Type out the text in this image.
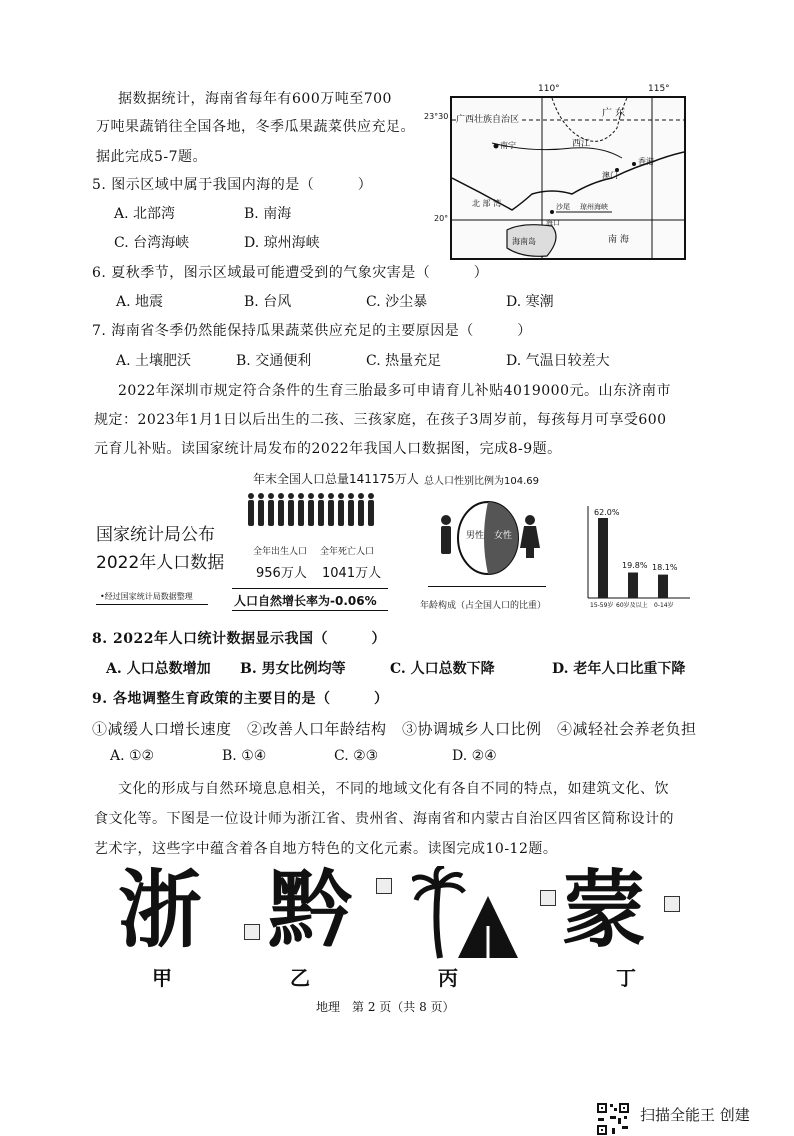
据数据统计，海南省每年有600万吨至700
万吨果蔬销往全国各地，冬季瓜果蔬菜供应充足。
据此完成5-7题。
110°	115°
23°30
20°
广西壮族自治区
广 东
南宁	西江
香港
澳门
北 部 湾	沙尾 琼州海峡
海口
海南岛	南 海
5. 图示区域中属于我国内海的是（　　　）
A. 北部湾	B. 南海
C. 台湾海峡	D. 琼州海峡
6. 夏秋季节，图示区域最可能遭受到的气象灾害是（　　　）
A. 地震	B. 台风	C. 沙尘暴	D. 寒潮
7. 海南省冬季仍然能保持瓜果蔬菜供应充足的主要原因是（　　　）
A. 土壤肥沃	B. 交通便利	C. 热量充足	D. 气温日较差大
2022年深圳市规定符合条件的生育三胎最多可申请育儿补贴4019000元。山东济南市
规定：2023年1月1日以后出生的二孩、三孩家庭，在孩子3周岁前，每孩每月可享受600
元育儿补贴。读国家统计局发布的2022年我国人口数据图，完成8-9题。
国家统计局公布
2022年人口数据
•经过国家统计局数据整理
年末全国人口总量141175万人
全年出生人口
956万人
全年死亡人口
1041万人
人口自然增长率为-0.06%
总人口性别比例为104.69
男性 女性
年龄构成（占全国人口的比重）
62.0%
19.8% 18.1%
15-59岁 60岁及以上 0-14岁
8. 2022年人口统计数据显示我国（　　　）
A. 人口总数增加 B. 男女比例均等	C. 人口总数下降	D. 老年人口比重下降
9. 各地调整生育政策的主要目的是（　　　）
①减缓人口增长速度　②改善人口年龄结构　③协调城乡人口比例　④减轻社会养老负担
A. ①②	B. ①④	C. ②③	D. ②④
文化的形成与自然环境息息相关，不同的地域文化有各自不同的特点，如建筑文化、饮
食文化等。下图是一位设计师为浙江省、贵州省、海南省和内蒙古自治区四省区简称设计的
艺术字，这些字中蕴含着各自地方特色的文化元素。读图完成10-12题。
浙 黔 蒙
甲	乙	丙	丁
地理　第 2 页（共 8 页）
扫描全能王 创建
